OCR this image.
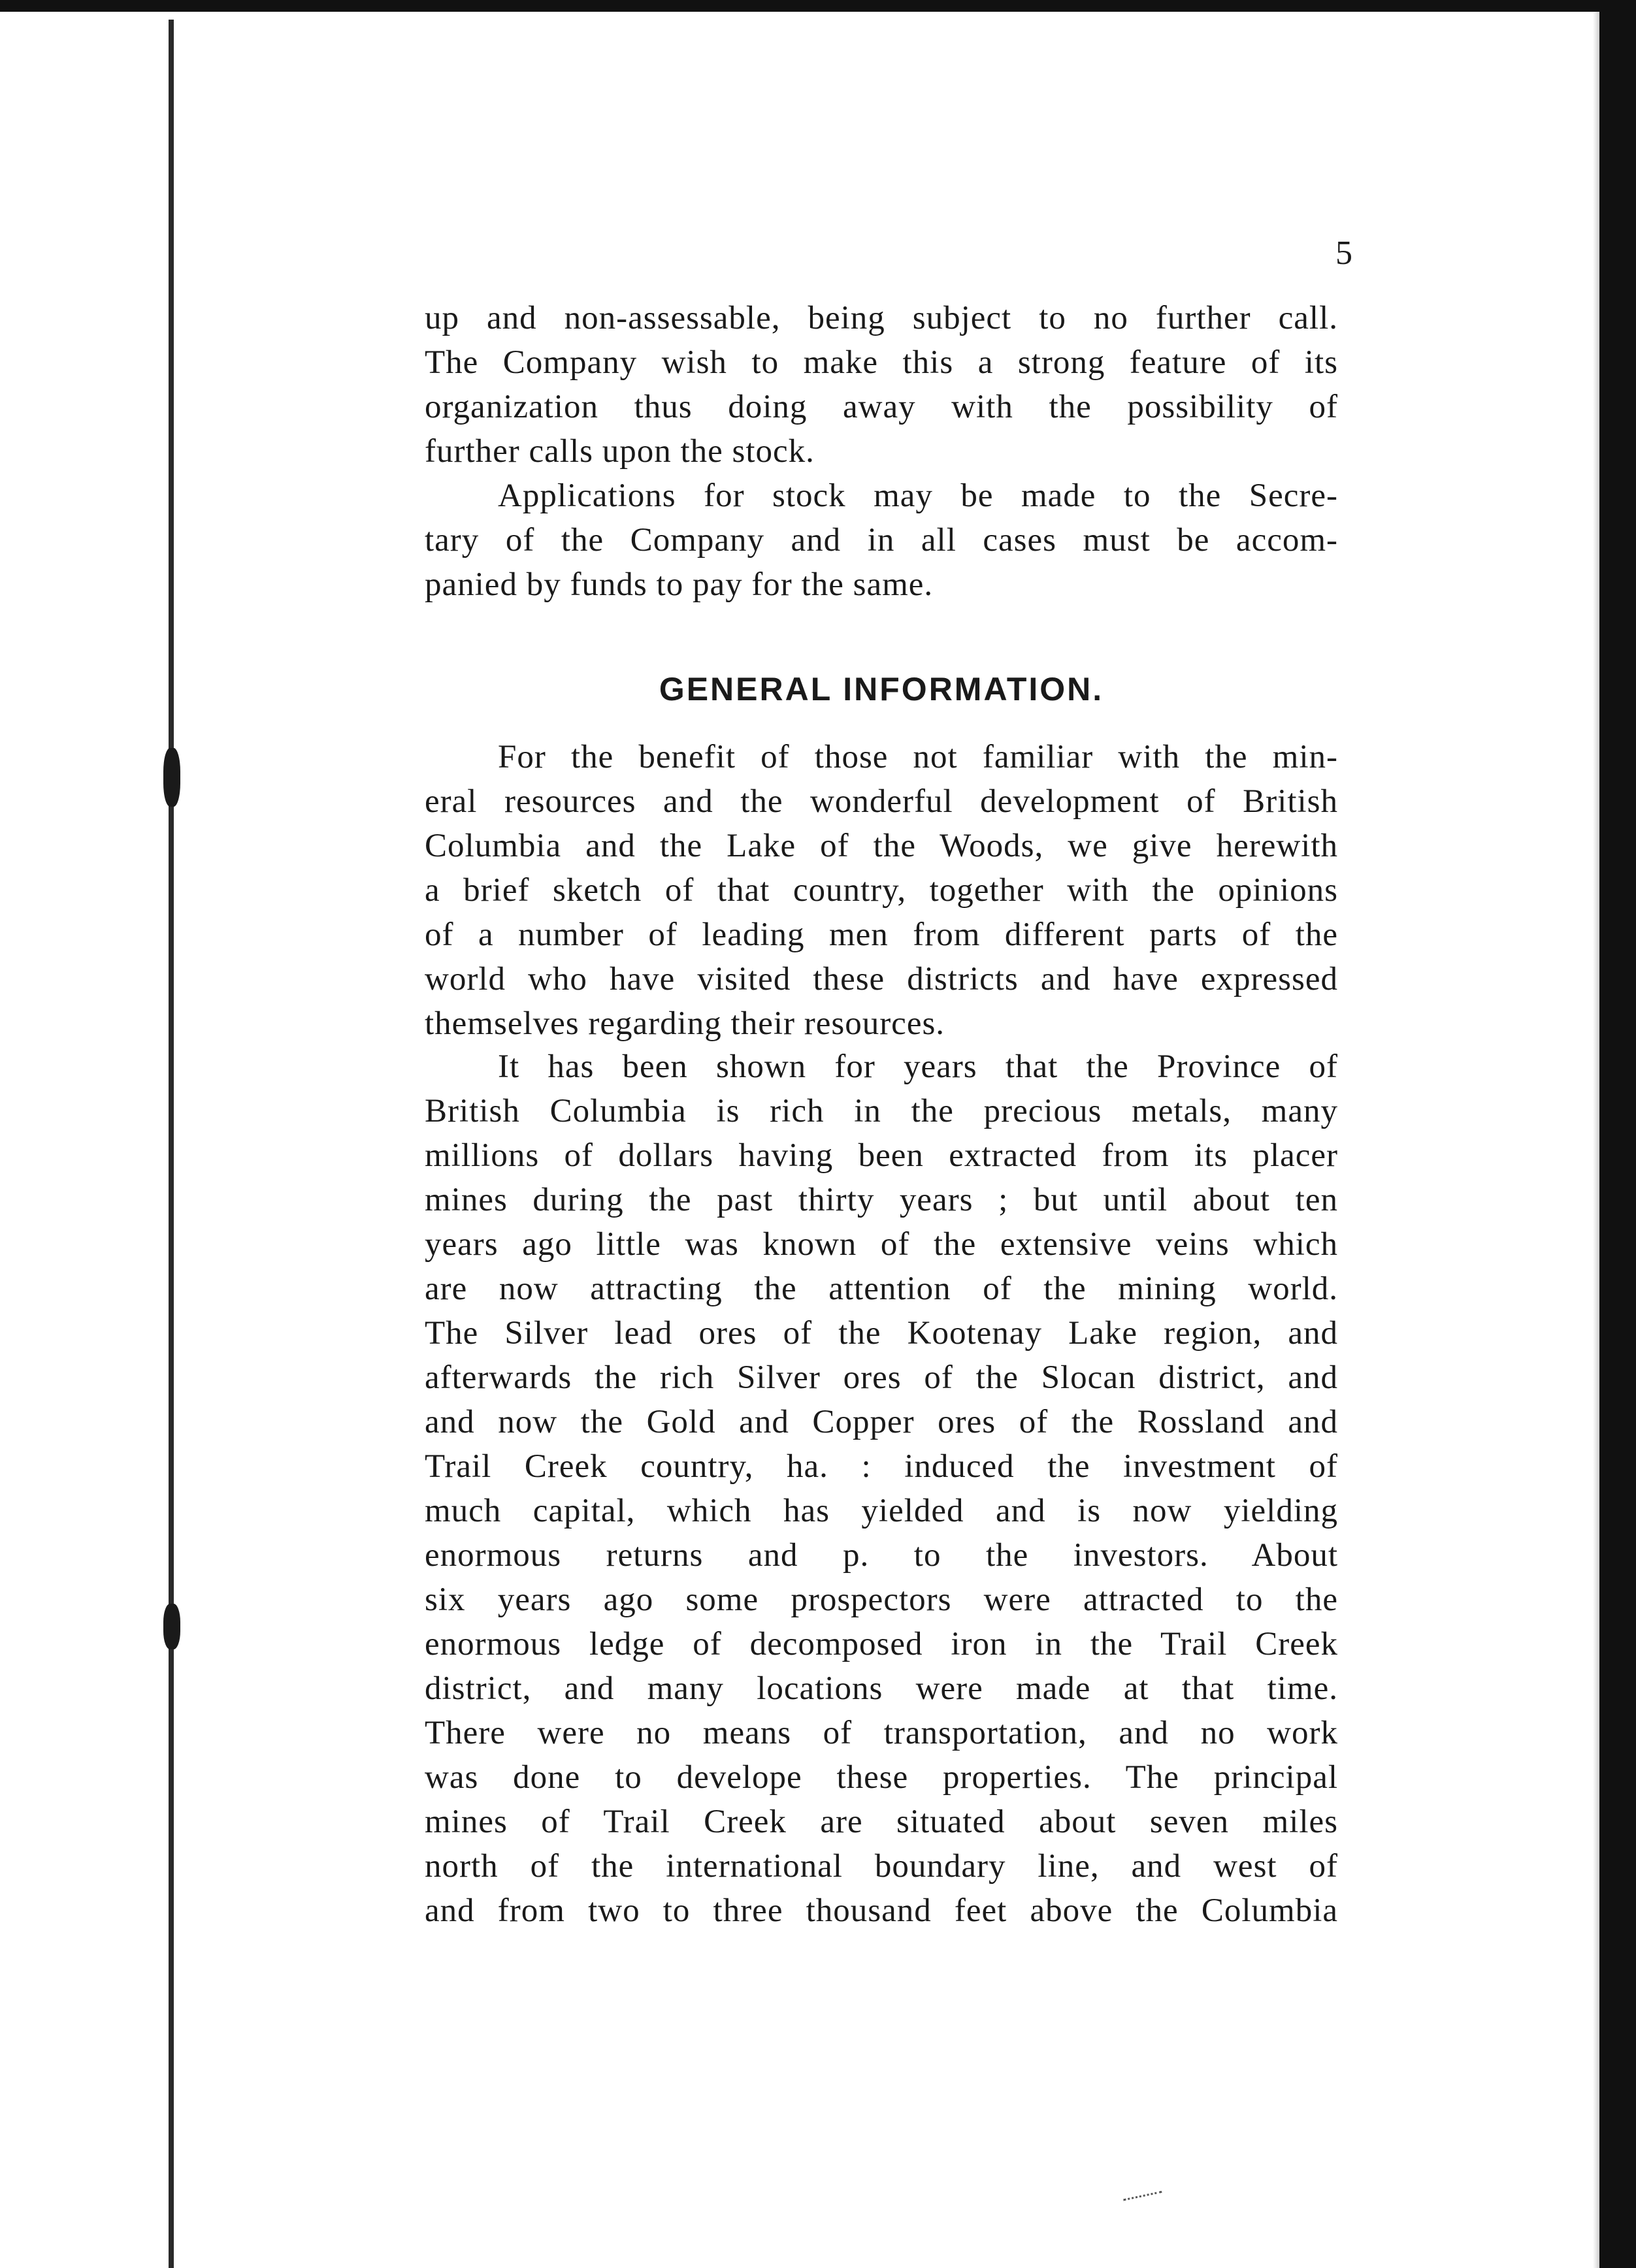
5
up and non-assessable, being subject to no further call.
The Company wish to make this a strong feature of its
organization thus doing away with the possibility of
further calls upon the stock.
Applications for stock may be made to the Secre-
tary of the Company and in all cases must be accom-
panied by funds to pay for the same.
GENERAL INFORMATION.
For the benefit of those not familiar with the min-
eral resources and the wonderful development of British
Columbia and the Lake of the Woods, we give herewith
a brief sketch of that country, together with the opinions
of a number of leading men from different parts of the
world who have visited these districts and have expressed
themselves regarding their resources.
It has been shown for years that the Province of
British Columbia is rich in the precious metals, many
millions of dollars having been extracted from its placer
mines during the past thirty years ; but until about ten
years ago little was known of the extensive veins which
are now attracting the attention of the mining world.
The Silver lead ores of the Kootenay Lake region, and
afterwards the rich Silver ores of the Slocan district, and
and now the Gold and Copper ores of the Rossland and
Trail Creek country, ha. : induced the investment of
much capital, which has yielded and is now yielding
enormous returns and p. to the investors. About
six years ago some prospectors were attracted to the
enormous ledge of decomposed iron in the Trail Creek
district, and many locations were made at that time.
There were no means of transportation, and no work
was done to develope these properties. The principal
mines of Trail Creek are situated about seven miles
north of the international boundary line, and west of
and from two to three thousand feet above the Columbia
